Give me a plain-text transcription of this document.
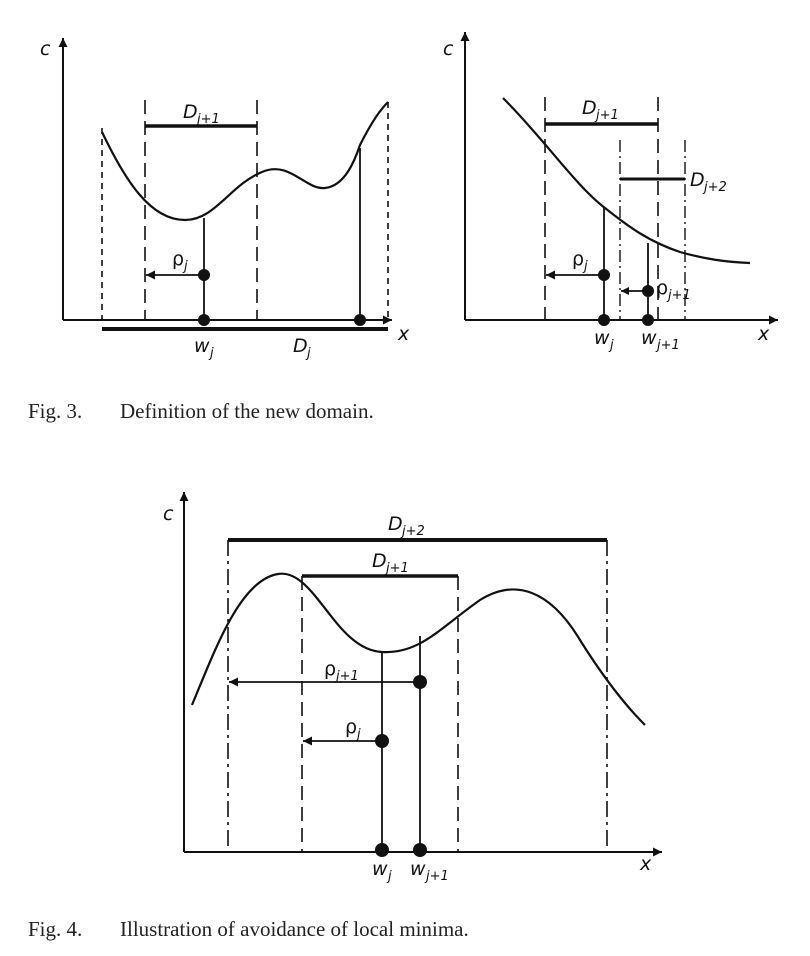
c
x
D j+1
ρ j
w j	D j
c
x
D j+1
D j+2
ρ j
ρ j+1
w j w j+1
c
x
D j+2
D j+1
ρ j+1
ρ j
w j w j+1
Fig. 3. Definition of the new domain.
Fig. 4. Illustration of avoidance of local minima.
